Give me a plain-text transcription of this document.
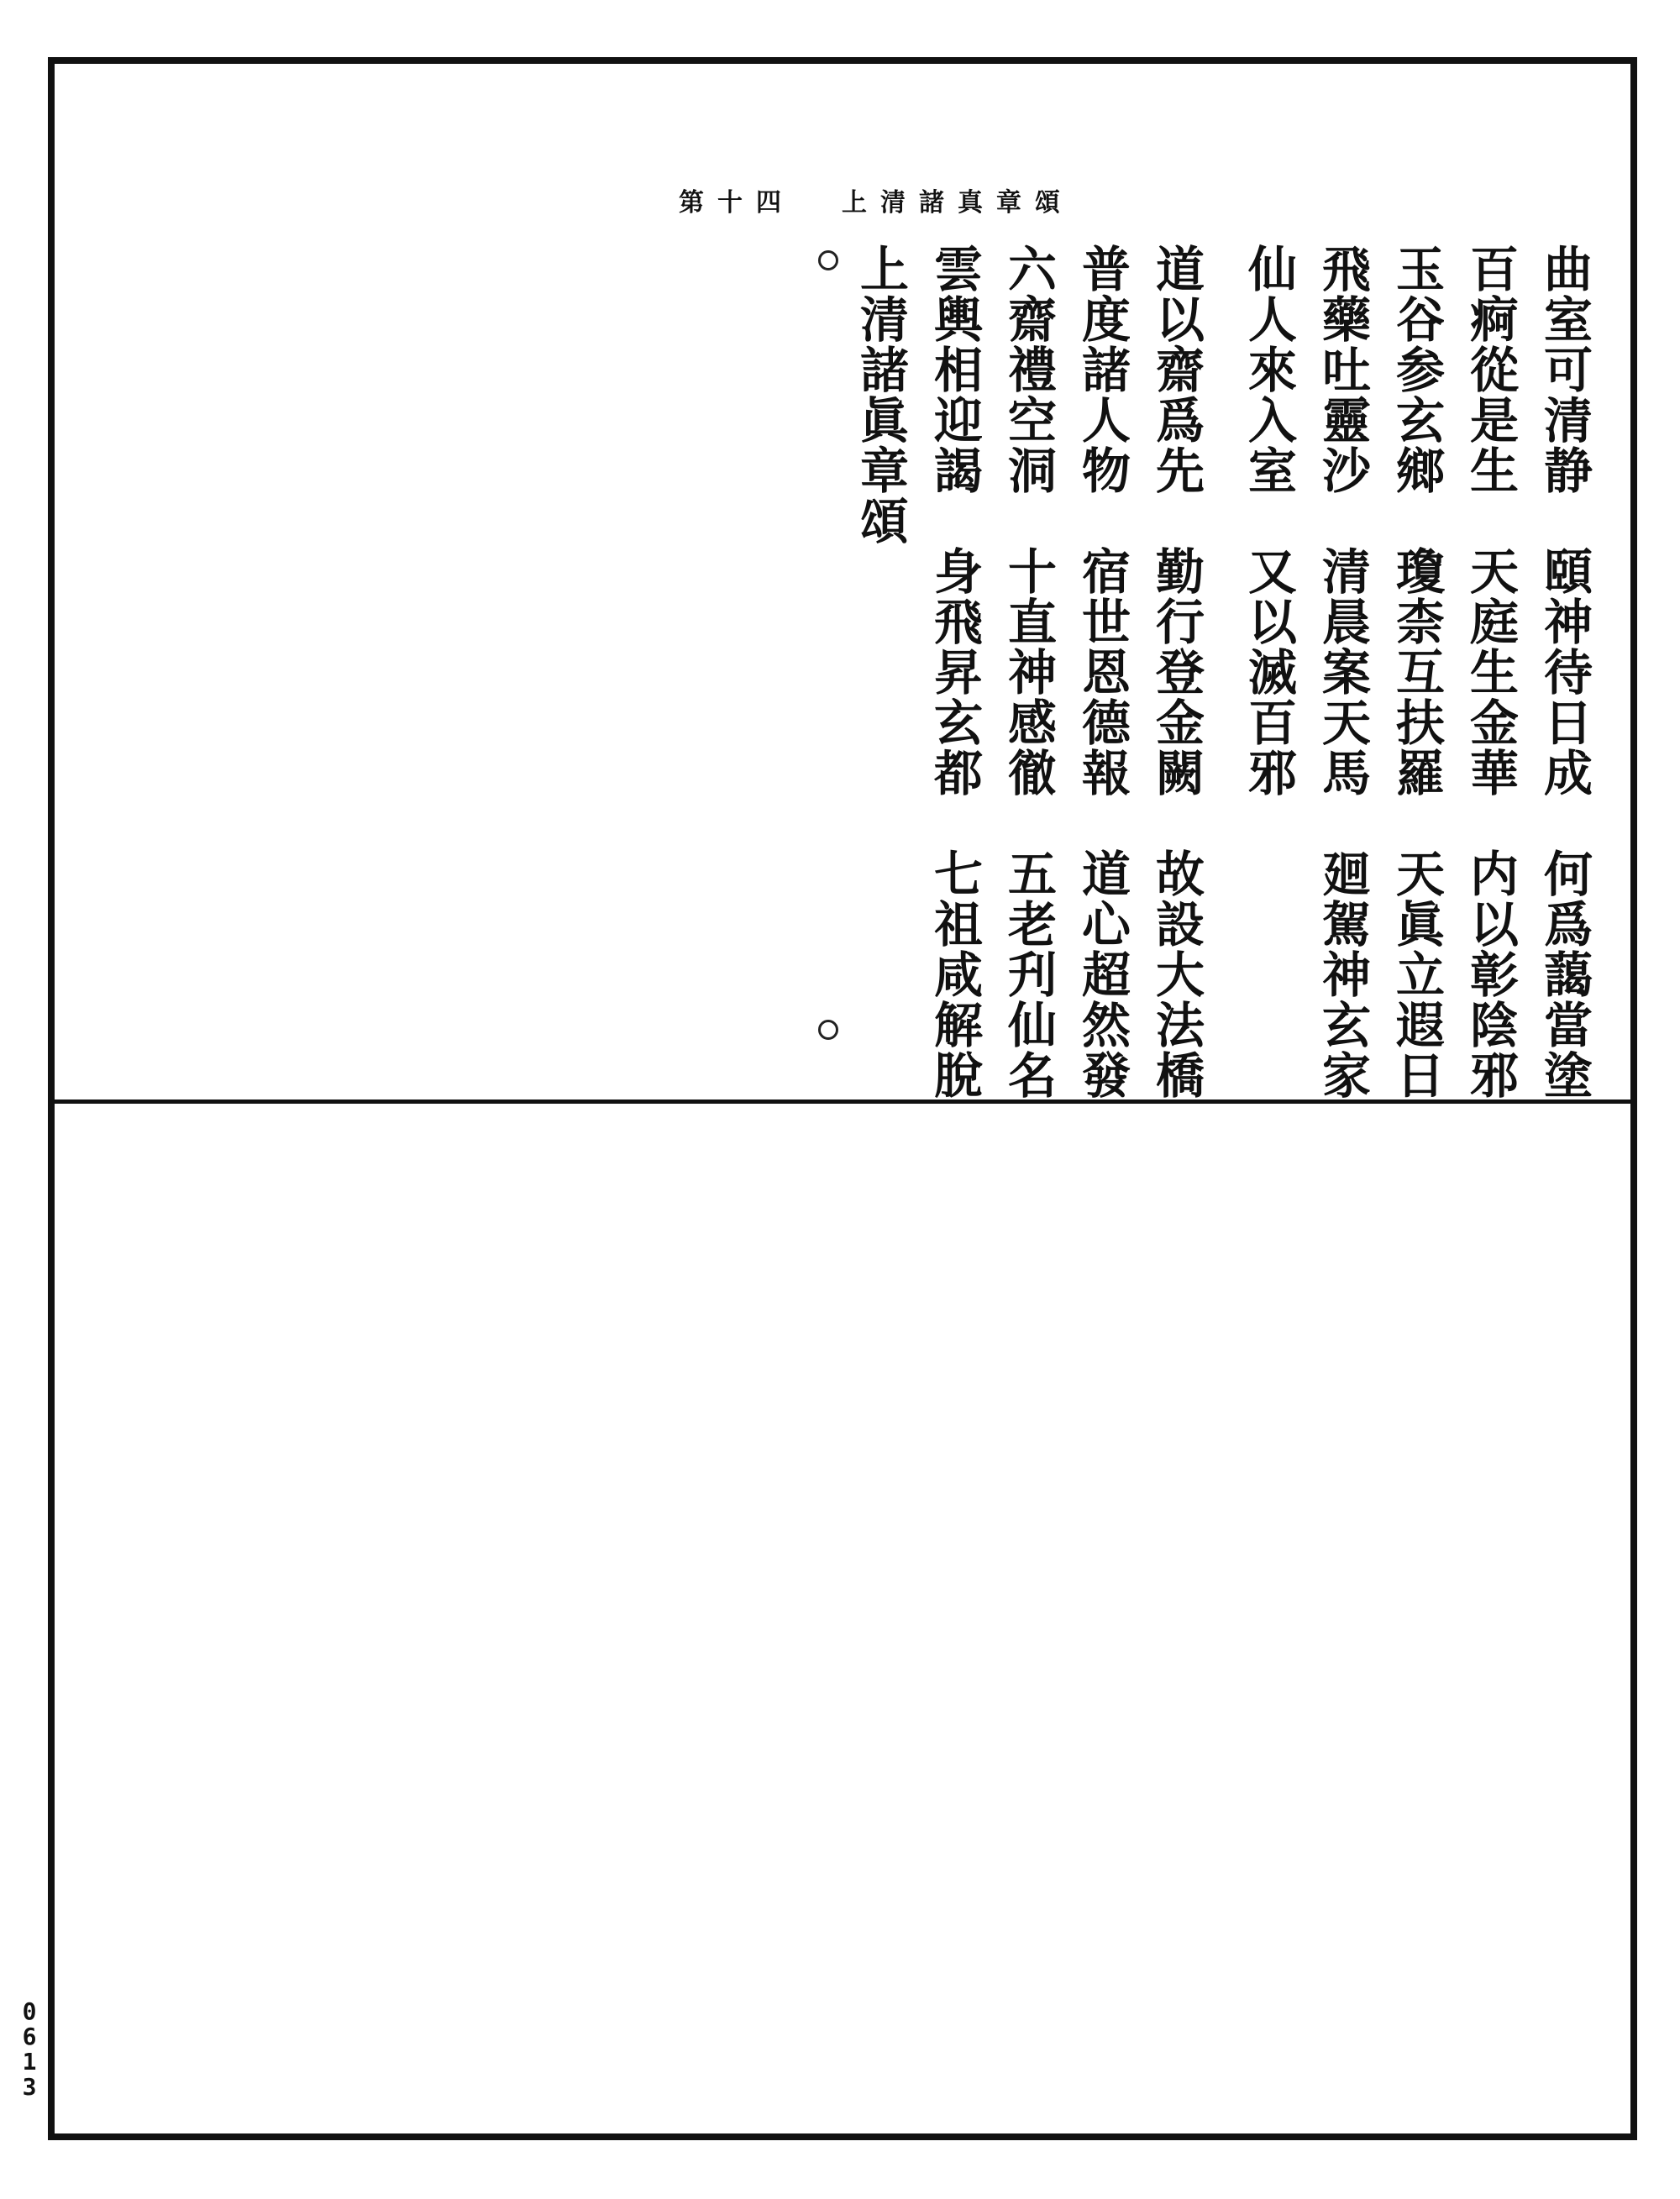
第十四 上清諸真章頌
曲室可清静　頤神待日成　何爲藹當塗
百痾從是生　天庭生金華　内以彰陰邪
玉谷参玄鄉　瓊柰互扶羅　天眞立遐日
飛藥吐靈沙　清晨案天馬　廻駕神玄家
仙人來入室　又以滅百邪
道以齋爲先　勤行登金闕　故設大法橋
普度諸人物　宿世恩德報　道心超然發
六齋禮空洞　十直神感徹　五老刋仙名
雲輿相迎謁　身飛昇玄都　七祖咸解脫
上清諸眞章頌
0613
